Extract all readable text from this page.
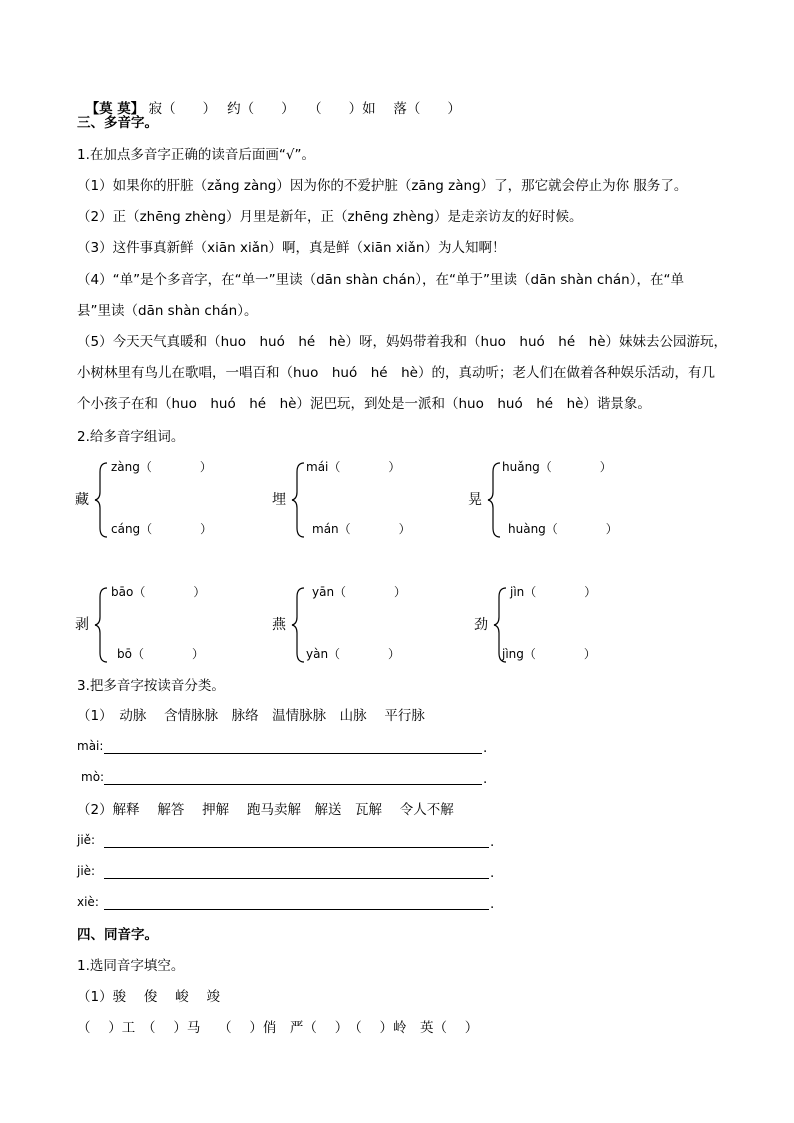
【莫 莫】 寂（　　）　 约（　　）　　（　　）如　 落（　　）

三、多音字。
1.在加点多音字正确的读音后面画“√”。
（1）如果你的肝脏（zǎng zàng）因为你的不爱护脏（zāng zàng）了，那它就会停止为你 服务了。
（2）正（zhēng zhèng）月里是新年，正（zhēng zhèng）是走亲访友的好时候。
（3）这件事真新鲜（xiān xiǎn）啊，真是鲜（xiān xiǎn）为人知啊！
（4）“单”是个多音字，在“单一”里读（dān shàn chán），在“单于”里读（dān shàn chán），在“单
县”里读（dān shàn chán）。
（5）今天天气真暖和（huo　huó　hé　hè）呀，妈妈带着我和（huo　huó　hé　hè）妹妹去公园游玩，
小树林里有鸟儿在歌唱，一唱百和（huo　huó　hé　hè）的，真动听；老人们在做着各种娱乐活动，有几
个小孩子在和（huo　huó　hé　hè）泥巴玩，到处是一派和（huo　huó　hé　hè）谐景象。
2.给多音字组词。
藏
zàng（　　　　）
cáng（　　　　）
埋
mái（　　　　）
mán（　　　　）
晃
huǎng（　　　　）
huàng（　　　　）
剥
bāo（　　　　）
bō（　　　　）
燕
yān（　　　　）
yàn（　　　　）
劲
jìn（　　　　）
jìng（　　　　）
3.把多音字按读音分类。
（1）　动脉　 含情脉脉　脉络　温情脉脉　山脉　 平行脉
mài:	.
mò:	.
（2）解释　 解答　 押解　 跑马卖解　解送　瓦解　 令人不解
jiě:	.
jiè:	.
xiè:	.
四、同音字。
1.选同音字填空。
（1）骏　 俊　 峻　 竣
（　 ）工　（　 ）马　 （　 ）俏　严（　 ）　（　 ）岭　英（　 ）
